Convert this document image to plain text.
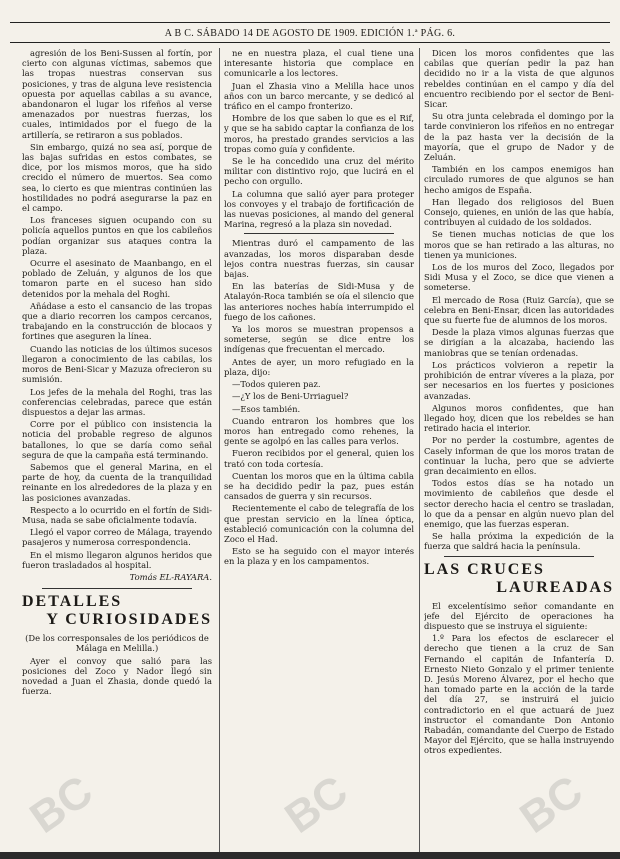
A B C. SÁBADO 14 DE AGOSTO DE 1909. EDICIÓN 1.ª PÁG. 6.

agresión de los Beni-Sussen al fortín, por cierto con algunas víctimas, sabemos que las tropas nuestras conservan sus posiciones, y tras de alguna leve resistencia opuesta por aquellas cabilas a su avance, abandonaron el lugar los rifeños al verse amenazados por nuestras fuerzas, los cuales, intimidados por el fuego de la artillería, se retiraron a sus poblados.

Sin embargo, quizá no sea así, porque de las bajas sufridas en estos combates, se dice, por los mismos moros, que ha sido crecido el número de muertos. Sea como sea, lo cierto es que mientras continúen las hostilidades no podrá asegurarse la paz en el campo.

Los franceses siguen ocupando con su policía aquellos puntos en que los cabileños podían organizar sus ataques contra la plaza.

Ocurre el asesinato de Maanbango, en el poblado de Zeluán, y algunos de los que tomaron parte en el suceso han sido detenidos por la mehala del Roghi.

Añádase a esto el cansancio de las tropas que a diario recorren los campos cercanos, trabajando en la construcción de blocaos y fortines que aseguren la línea.

Cuando las noticias de los últimos sucesos llegaron a conocimiento de las cabilas, los moros de Beni-Sicar y Mazuza ofrecieron su sumisión.

Los jefes de la mehala del Roghi, tras las conferencias celebradas, parece que están dispuestos a dejar las armas.

Corre por el público con insistencia la noticia del probable regreso de algunos batallones, lo que se daría como señal segura de que la campaña está terminando.

Sabemos que el general Marina, en el parte de hoy, da cuenta de la tranquilidad reinante en los alrededores de la plaza y en las posiciones avanzadas.

Respecto a lo ocurrido en el fortín de Sidi-Musa, nada se sabe oficialmente todavía.

Llegó el vapor correo de Málaga, trayendo pasajeros y numerosa correspondencia.

En el mismo llegaron algunos heridos que fueron trasladados al hospital.

Tomás EL-RAYARA.
DETALLES
Y CURIOSIDADES
(De los corresponsales de los periódicos de Málaga en Melilla.)

Ayer el convoy que salió para las posiciones del Zoco y Nador llegó sin novedad a Juan el Zhasia, donde quedó la fuerza.

ne en nuestra plaza, el cual tiene una interesante historia que complace en comunicarle a los lectores.

Juan el Zhasia vino a Melilla hace unos años con un barco mercante, y se dedicó al tráfico en el campo fronterizo.

Hombre de los que saben lo que es el Rif, y que se ha sabido captar la confianza de los moros, ha prestado grandes servicios a las tropas como guía y confidente.

Se le ha concedido una cruz del mérito militar con distintivo rojo, que lucirá en el pecho con orgullo.

La columna que salió ayer para proteger los convoyes y el trabajo de fortificación de las nuevas posiciones, al mando del general Marina, regresó a la plaza sin novedad.

Mientras duró el campamento de las avanzadas, los moros disparaban desde lejos contra nuestras fuerzas, sin causar bajas.

En las baterías de Sidi-Musa y de Atalayón-Roca también se oía el silencio que las anteriores noches había interrumpido el fuego de los cañones.

Ya los moros se muestran propensos a someterse, según se dice entre los indígenas que frecuentan el mercado.

Antes de ayer, un moro refugiado en la plaza, dijo:

—Todos quieren paz.

—¿Y los de Beni-Urriaguel?

—Esos también.

Cuando entraron los hombres que los moros han entregado como rehenes, la gente se agolpó en las calles para verlos.

Fueron recibidos por el general, quien los trató con toda cortesía.

Cuentan los moros que en la última cabila se ha decidido pedir la paz, pues están cansados de guerra y sin recursos.

Recientemente el cabo de telegrafía de los que prestan servicio en la línea óptica, estableció comunicación con la columna del Zoco el Had.

Esto se ha seguido con el mayor interés en la plaza y en los campamentos.

Dicen los moros confidentes que las cabilas que querían pedir la paz han decidido no ir a la vista de que algunos rebeldes continúan en el campo y día del encuentro recibiendo por el sector de Beni-Sicar.

Su otra junta celebrada el domingo por la tarde convinieron los rifeños en no entregar de la paz hasta ver la decisión de la mayoría, que el grupo de Nador y de Zeluán.

También en los campos enemigos han circulado rumores de que algunos se han hecho amigos de España.

Han llegado dos religiosos del Buen Consejo, quienes, en unión de las que había, contribuyen al cuidado de los soldados.

Se tienen muchas noticias de que los moros que se han retirado a las alturas, no tienen ya municiones.

Los de los muros del Zoco, llegados por Sidi Musa y el Zoco, se dice que vienen a someterse.

El mercado de Rosa (Ruiz García), que se celebra en Beni-Ensar, dicen las autoridades que su fuerte fue de alumnos de los moros.

Desde la plaza vimos algunas fuerzas que se dirigían a la alcazaba, haciendo las maniobras que se tenían ordenadas.

Los prácticos volvieron a repetir la prohibición de entrar víveres a la plaza, por ser necesarios en los fuertes y posiciones avanzadas.

Algunos moros confidentes, que han llegado hoy, dicen que los rebeldes se han retirado hacia el interior.

Por no perder la costumbre, agentes de Casely informan de que los moros tratan de continuar la lucha, pero que se advierte gran decaimiento en ellos.

Todos estos días se ha notado un movimiento de cabileños que desde el sector derecho hacia el centro se trasladan, lo que da a pensar en algún nuevo plan del enemigo, que las fuerzas esperan.

Se halla próxima la expedición de la fuerza que saldrá hacia la península.

LAS CRUCES
LAUREADAS

El excelentísimo señor comandante en jefe del Ejército de operaciones ha dispuesto que se instruya el siguiente:

1.º Para los efectos de esclarecer el derecho que tienen a la cruz de San Fernando el capitán de Infantería D. Ernesto Nieto Gonzalo y el primer teniente D. Jesús Moreno Álvarez, por el hecho que han tomado parte en la acción de la tarde del día 27, se instruirá el juicio contradictorio en el que actuará de juez instructor el comandante Don Antonio Rabadán, comandante del Cuerpo de Estado Mayor del Ejército, que se halla instruyendo otros expedientes.

BC	BC	BC
